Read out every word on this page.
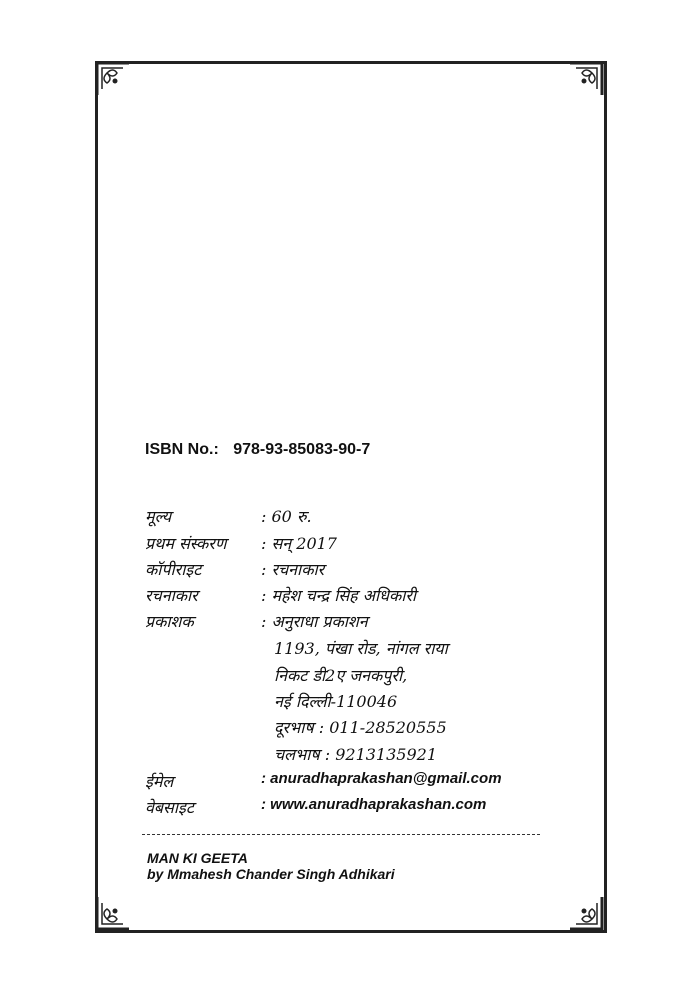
ISBN No.: 978-93-85083-90-7
मूल्य	: 60 रु.
प्रथम संस्करण : सन् 2017
कॉपीराइट	: रचनाकार
रचनाकार	: महेश चन्द्र सिंह अधिकारी
प्रकाशक	: अनुराधा प्रकाशन
1193, पंखा रोड, नांगल राया
निकट डी2ए जनकपुरी,
नई दिल्ली-110046
दूरभाष : 011-28520555
चलभाष : 9213135921
ईमेल	: anuradhaprakashan@gmail.com
वेबसाइट	: www.anuradhaprakashan.com
MAN KI GEETA
by Mmahesh Chander Singh Adhikari
